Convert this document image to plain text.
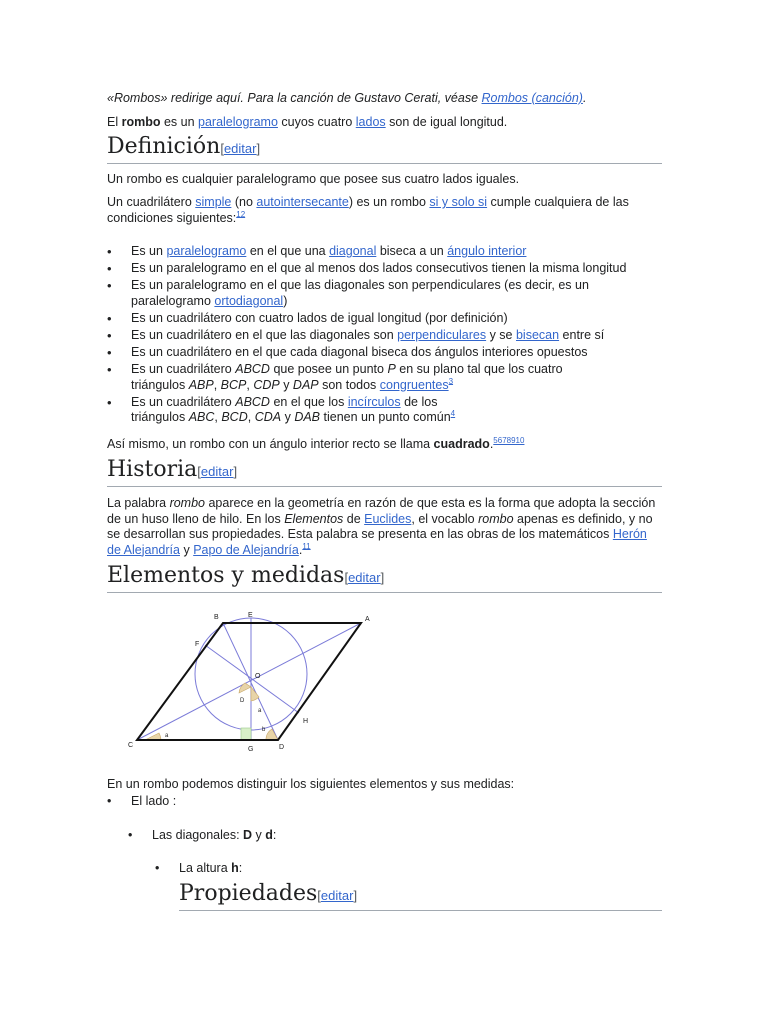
«Rombos» redirige aquí. Para la canción de Gustavo Cerati, véase Rombos (canción).

El rombo es un paralelogramo cuyos cuatro lados son de igual longitud.

Definición[editar]

Un rombo es cualquier paralelogramo que posee sus cuatro lados iguales.

Un cuadrilátero simple (no autointersecante) es un rombo si y solo si cumple cualquiera de las condiciones siguientes:$^{12}$

• Es un paralelogramo en el que una diagonal biseca a un ángulo interior
• Es un paralelogramo en el que al menos dos lados consecutivos tienen la misma longitud
• Es un paralelogramo en el que las diagonales son perpendiculares (es decir, es un paralelogramo ortodiagonal)
• Es un cuadrilátero con cuatro lados de igual longitud (por definición)
• Es un cuadrilátero en el que las diagonales son perpendiculares y se bisecan entre sí
• Es un cuadrilátero en el que cada diagonal biseca dos ángulos interiores opuestos
• Es un cuadrilátero ABCD que posee un punto P en su plano tal que los cuatro triángulos ABP, BCP, CDP y DAP son todos congruentes$^3$
• Es un cuadrilátero ABCD en el que los incírculos de los triángulos ABC, BCD, CDA y DAB tienen un punto común$^4$

Así mismo, un rombo con un ángulo interior recto se llama cuadrado.$^{5678910}$

Historia[editar]

La palabra rombo aparece en la geometría en razón de que esta es la forma que adopta la sección de un huso lleno de hilo. En los Elementos de Euclides, el vocablo rombo apenas es definido, y no se desarrollan sus propiedades. Esta palabra se presenta en las obras de los matemáticos Herón de Alejandría y Papo de Alejandría.$^{11}$

Elementos y medidas[editar]
A
B
C	D
E
F
G
H
O
a
a
b
D

En un rombo podemos distinguir los siguientes elementos y sus medidas:

• El lado :
• Las diagonales: D y d:
• La altura h:
Propiedades[editar]
